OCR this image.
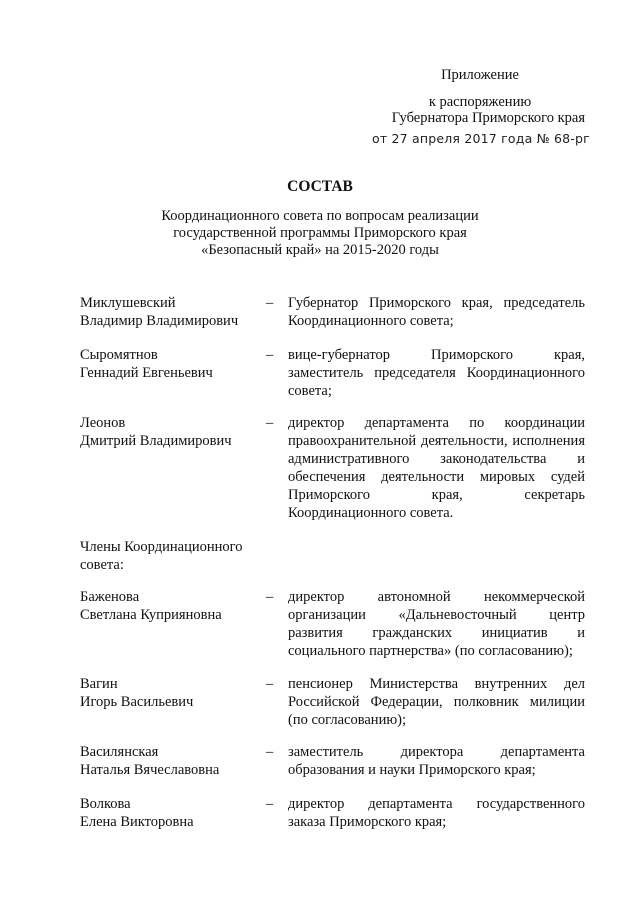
Приложение
к распоряжению
Губернатора Приморского края
от 27 апреля 2017 года № 68-рг
СОСТАВ
Координационного совета по вопросам реализации
государственной программы Приморского края
«Безопасный край» на 2015-2020 годы
Миклушевский
Владимир Владимирович
– Губернатор Приморского края, председатель Координационного совета;
Сыромятнов
Геннадий Евгеньевич
– вице-губернатор Приморского края, заместитель председателя Координационного совета;
Леонов
Дмитрий Владимирович
– директор департамента по координации правоохранительной деятельности, исполнения административного законодательства и обеспечения деятельности мировых судей Приморского края, секретарь Координационного совета.
Члены Координационного совета:
Баженова
Светлана Куприяновна
– директор автономной некоммерческой организации «Дальневосточный центр развития гражданских инициатив и социального партнерства» (по согласованию);
Вагин
Игорь Васильевич
– пенсионер Министерства внутренних дел Российской Федерации, полковник милиции (по согласованию);
Василянская
Наталья Вячеславовна
– заместитель директора департамента образования и науки Приморского края;
Волкова
Елена Викторовна
– директор департамента государственного заказа Приморского края;
